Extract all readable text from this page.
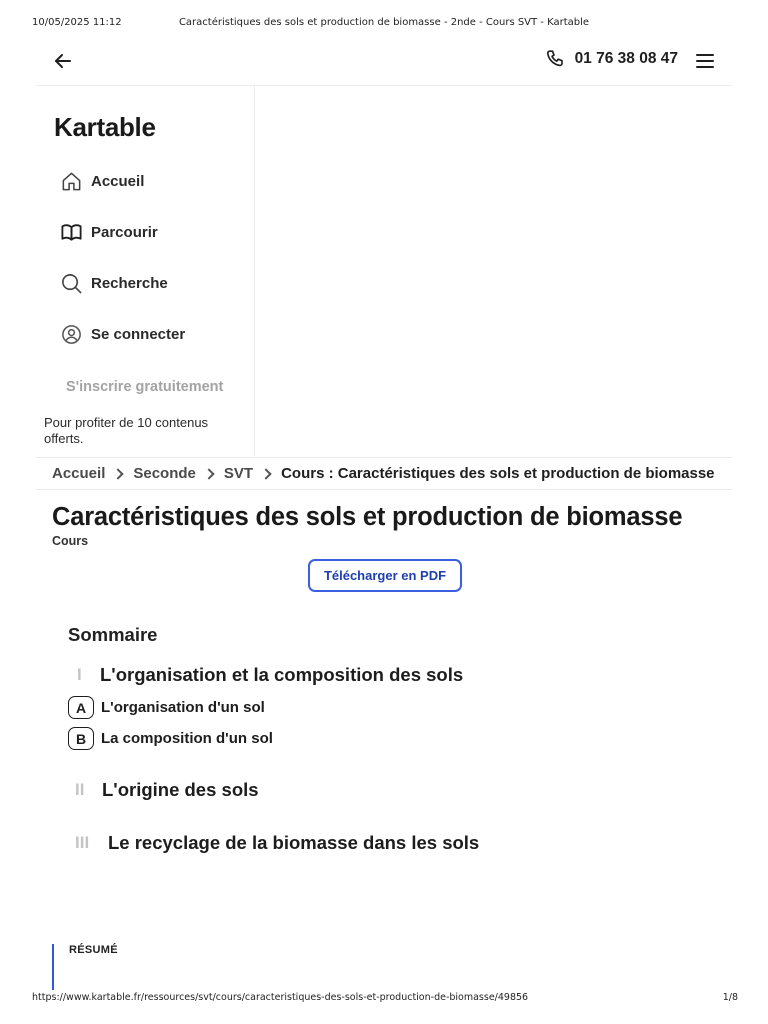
10/05/2025 11:12	Caractéristiques des sols et production de biomasse - 2nde - Cours SVT - Kartable
01 76 38 08 47
Kartable
Accueil
Parcourir
Recherche
Se connecter
S'inscrire gratuitement
Pour profiter de 10 contenus offerts.
Accueil Seconde SVT Cours : Caractéristiques des sols et production de biomasse
Caractéristiques des sols et production de biomasse
Cours
Télécharger en PDF
Sommaire
I L'organisation et la composition des sols
A L'organisation d'un sol
B La composition d'un sol
II L'origine des sols
III	Le recyclage de la biomasse dans les sols
RÉSUMÉ
https://www.kartable.fr/ressources/svt/cours/caracteristiques-des-sols-et-production-de-biomasse/49856	1/8
